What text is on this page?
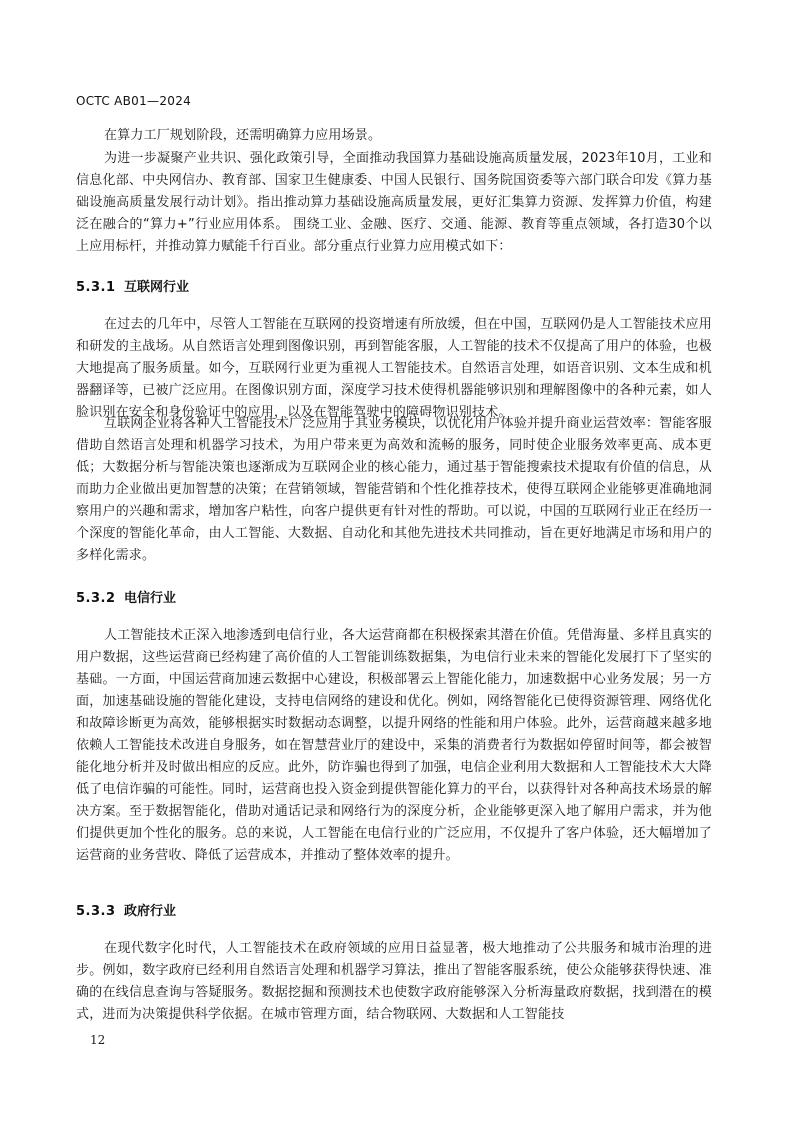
OCTC AB01—2024

在算力工厂规划阶段，还需明确算力应用场景。

为进一步凝聚产业共识、强化政策引导，全面推动我国算力基础设施高质量发展，2023年10月，工业和信息化部、中央网信办、教育部、国家卫生健康委、中国人民银行、国务院国资委等六部门联合印发《算力基础设施高质量发展行动计划》。指出推动算力基础设施高质量发展，更好汇集算力资源、发挥算力价值，构建泛在融合的“算力+”行业应用体系。 围绕工业、金融、医疗、交通、能源、教育等重点领域，各打造30个以上应用标杆，并推动算力赋能千行百业。部分重点行业算力应用模式如下：

5.3.1 互联网行业

在过去的几年中，尽管人工智能在互联网的投资增速有所放缓，但在中国，互联网仍是人工智能技术应用和研发的主战场。从自然语言处理到图像识别，再到智能客服，人工智能的技术不仅提高了用户的体验，也极大地提高了服务质量。如今，互联网行业更为重视人工智能技术。自然语言处理，如语音识别、文本生成和机器翻译等，已被广泛应用。在图像识别方面，深度学习技术使得机器能够识别和理解图像中的各种元素，如人脸识别在安全和身份验证中的应用，以及在智能驾驶中的障碍物识别技术。

互联网企业将各种人工智能技术广泛应用于其业务模块，以优化用户体验并提升商业运营效率：智能客服借助自然语言处理和机器学习技术，为用户带来更为高效和流畅的服务，同时使企业服务效率更高、成本更低；大数据分析与智能决策也逐渐成为互联网企业的核心能力，通过基于智能搜索技术提取有价值的信息，从而助力企业做出更加智慧的决策；在营销领域，智能营销和个性化推荐技术，使得互联网企业能够更准确地洞察用户的兴趣和需求，增加客户粘性，向客户提供更有针对性的帮助。可以说，中国的互联网行业正在经历一个深度的智能化革命，由人工智能、大数据、自动化和其他先进技术共同推动，旨在更好地满足市场和用户的多样化需求。

5.3.2 电信行业

人工智能技术正深入地渗透到电信行业，各大运营商都在积极探索其潜在价值。凭借海量、多样且真实的用户数据，这些运营商已经构建了高价值的人工智能训练数据集，为电信行业未来的智能化发展打下了坚实的基础。一方面，中国运营商加速云数据中心建设，积极部署云上智能化能力，加速数据中心业务发展；另一方面，加速基础设施的智能化建设，支持电信网络的建设和优化。例如，网络智能化已使得资源管理、网络优化和故障诊断更为高效，能够根据实时数据动态调整，以提升网络的性能和用户体验。此外，运营商越来越多地依赖人工智能技术改进自身服务，如在智慧营业厅的建设中，采集的消费者行为数据如停留时间等，都会被智能化地分析并及时做出相应的反应。此外，防诈骗也得到了加强，电信企业利用大数据和人工智能技术大大降低了电信诈骗的可能性。同时，运营商也投入资金到提供智能化算力的平台，以获得针对各种高技术场景的解决方案。至于数据智能化，借助对通话记录和网络行为的深度分析，企业能够更深入地了解用户需求，并为他们提供更加个性化的服务。总的来说，人工智能在电信行业的广泛应用，不仅提升了客户体验，还大幅增加了运营商的业务营收、降低了运营成本，并推动了整体效率的提升。

5.3.3 政府行业

在现代数字化时代，人工智能技术在政府领域的应用日益显著，极大地推动了公共服务和城市治理的进步。例如，数字政府已经利用自然语言处理和机器学习算法，推出了智能客服系统，使公众能够获得快速、准确的在线信息查询与答疑服务。数据挖掘和预测技术也使数字政府能够深入分析海量政府数据，找到潜在的模式，进而为决策提供科学依据。在城市管理方面，结合物联网、大数据和人工智能技

12
